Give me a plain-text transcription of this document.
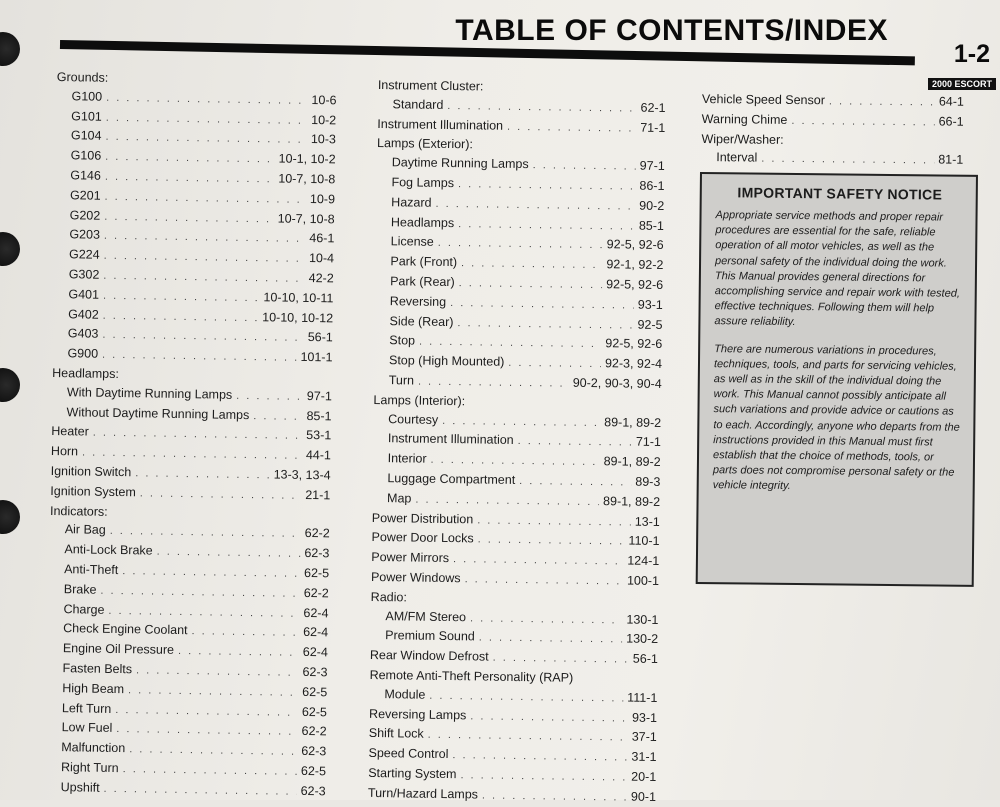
TABLE OF CONTENTS/INDEX
1-2
2000 ESCORT
Grounds:
G100 . . .	10-6
G101 . . .	10-2
G104 . . .	10-3
G106 . . .	10-1, 10-2
G146 . . .	10-7, 10-8
G201 . . .	10-9
G202 . . .	10-7, 10-8
G203 . . .	46-1
G224 . . .	10-4
G302 . . .	42-2
G401 . . .	10-10, 10-11
G402 . . .	10-10, 10-12
G403 . . .	56-1
G900 . . .	101-1
Headlamps:
With Daytime Running Lamps . . .	97-1
Without Daytime Running Lamps . . .	85-1
Heater . . .	53-1
Horn . . .	44-1
Ignition Switch . . .	13-3, 13-4
Ignition System . . .	21-1
Indicators:
Air Bag . . .	62-2
Anti-Lock Brake . . .	62-3
Anti-Theft . . .	62-5
Brake . . .	62-2
Charge . . .	62-4
Check Engine Coolant . . .	62-4
Engine Oil Pressure . . .	62-4
Fasten Belts . . .	62-3
High Beam . . .	62-5
Left Turn . . .	62-5
Low Fuel . . .	62-2
Malfunction . . .	62-3
Right Turn . . .	62-5
Upshift . . .	62-3
Instrument Cluster:
Standard . . .	62-1
Instrument Illumination . . .	71-1
Lamps (Exterior):
Daytime Running Lamps . . .	97-1
Fog Lamps . . .	86-1
Hazard . . .	90-2
Headlamps . . .	85-1
License . . .	92-5, 92-6
Park (Front) . . .	92-1, 92-2
Park (Rear) . . .	92-5, 92-6
Reversing . . .	93-1
Side (Rear) . . .	92-5
Stop . . .	92-5, 92-6
Stop (High Mounted) . . .	92-3, 92-4
Turn . . .	90-2, 90-3, 90-4
Lamps (Interior):
Courtesy . . .	89-1, 89-2
Instrument Illumination . . .	71-1
Interior . . .	89-1, 89-2
Luggage Compartment . . .	89-3
Map . . .	89-1, 89-2
Power Distribution . . .	13-1
Power Door Locks . . .	110-1
Power Mirrors . . .	124-1
Power Windows . . .	100-1
Radio:
AM/FM Stereo . . .	130-1
Premium Sound . . .	130-2
Rear Window Defrost . . .	56-1
Remote Anti-Theft Personality (RAP)
Module . . .	111-1
Reversing Lamps . . .	93-1
Shift Lock . . .	37-1
Speed Control . . .	31-1
Starting System . . .	20-1
Turn/Hazard Lamps . . .	90-1
Vehicle Speed Sensor . . .	64-1
Warning Chime . . .	66-1
Wiper/Washer:
Interval . . .	81-1
IMPORTANT SAFETY NOTICE

Appropriate service methods and proper repair procedures are essential for the safe, reliable operation of all motor vehicles, as well as the personal safety of the individual doing the work. This Manual provides general directions for accomplishing service and repair work with tested, effective techniques. Following them will help assure reliability.

There are numerous variations in procedures, techniques, tools, and parts for servicing vehicles, as well as in the skill of the individual doing the work. This Manual cannot possibly anticipate all such variations and provide advice or cautions as to each. Accordingly, anyone who departs from the instructions provided in this Manual must first establish that the choice of methods, tools, or parts does not compromise personal safety or the vehicle integrity.
